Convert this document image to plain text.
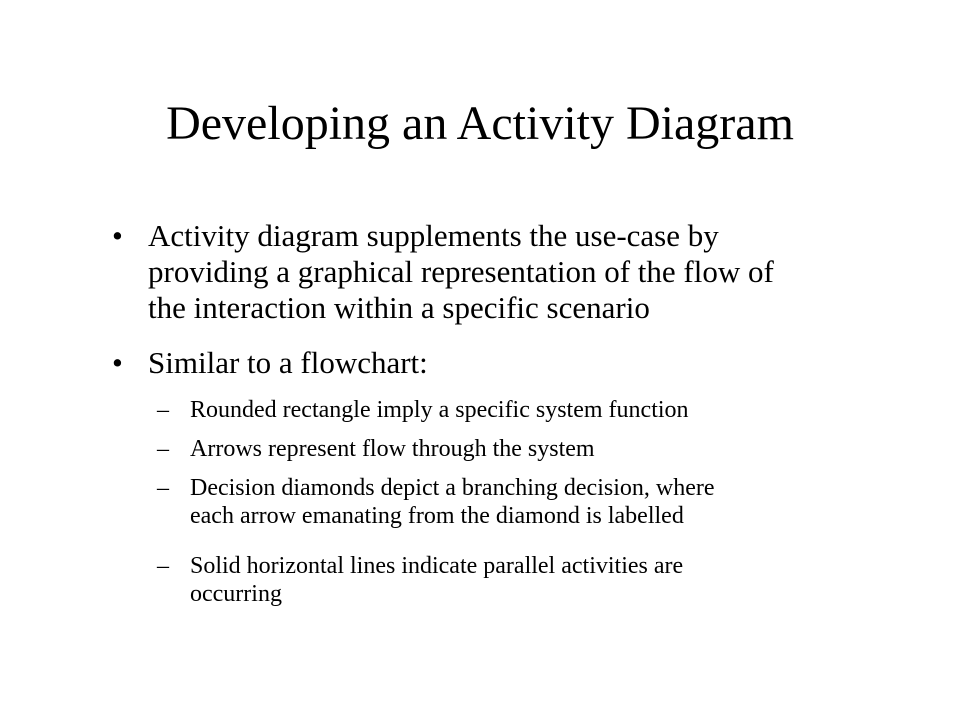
Developing an Activity Diagram
• Activity diagram supplements the use-case by
providing a graphical representation of the flow of
the interaction within a specific scenario
• Similar to a flowchart:
– Rounded rectangle imply a specific system function
– Arrows represent flow through the system
– Decision diamonds depict a branching decision, where
each arrow emanating from the diamond is labelled
– Solid horizontal lines indicate parallel activities are
occurring
